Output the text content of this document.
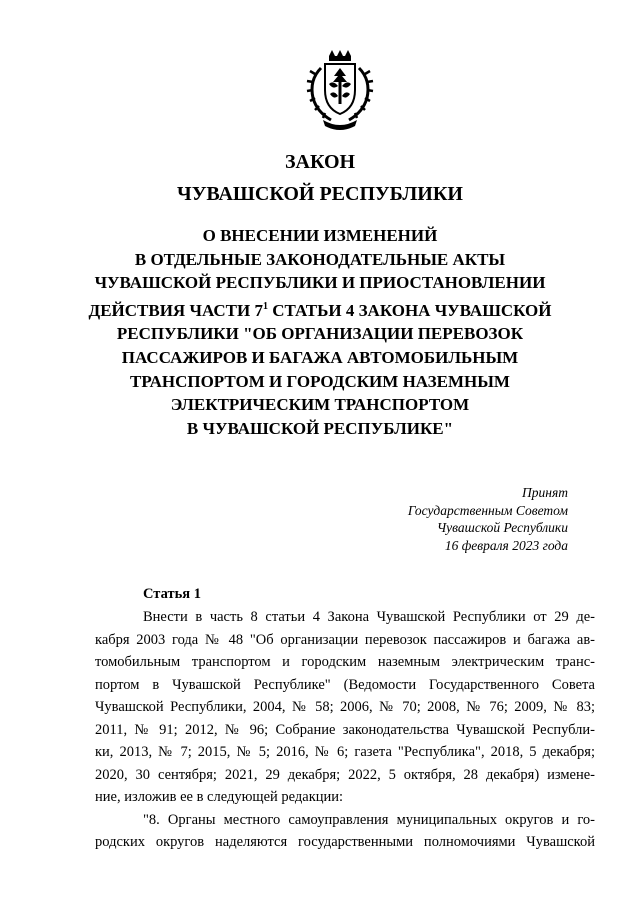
ЗАКОН
ЧУВАШСКОЙ РЕСПУБЛИКИ
О ВНЕСЕНИИ ИЗМЕНЕНИЙ
В ОТДЕЛЬНЫЕ ЗАКОНОДАТЕЛЬНЫЕ АКТЫ
ЧУВАШСКОЙ РЕСПУБЛИКИ И ПРИОСТАНОВЛЕНИИ
ДЕЙСТВИЯ ЧАСТИ $7^1$ СТАТЬИ 4 ЗАКОНА ЧУВАШСКОЙ
РЕСПУБЛИКИ "ОБ ОРГАНИЗАЦИИ ПЕРЕВОЗОК
ПАССАЖИРОВ И БАГАЖА АВТОМОБИЛЬНЫМ
ТРАНСПОРТОМ И ГОРОДСКИМ НАЗЕМНЫМ
ЭЛЕКТРИЧЕСКИМ ТРАНСПОРТОМ
В ЧУВАШСКОЙ РЕСПУБЛИКЕ"
Принят
Государственным Советом
Чувашской Республики
16 февраля 2023 года
Статья 1
Внести в часть 8 статьи 4 Закона Чувашской Республики от 29 де-
кабря 2003 года № 48 "Об организации перевозок пассажиров и багажа ав-
томобильным транспортом и городским наземным электрическим транс-
портом в Чувашской Республике" (Ведомости Государственного Совета
Чувашской Республики, 2004, № 58; 2006, № 70; 2008, № 76; 2009, № 83;
2011, № 91; 2012, № 96; Собрание законодательства Чувашской Республи-
ки, 2013, № 7; 2015, № 5; 2016, № 6; газета "Республика", 2018, 5 декабря;
2020, 30 сентября; 2021, 29 декабря; 2022, 5 октября, 28 декабря) измене-
ние, изложив ее в следующей редакции:
"8. Органы местного самоуправления муниципальных округов и го-
родских округов наделяются государственными полномочиями Чувашской
